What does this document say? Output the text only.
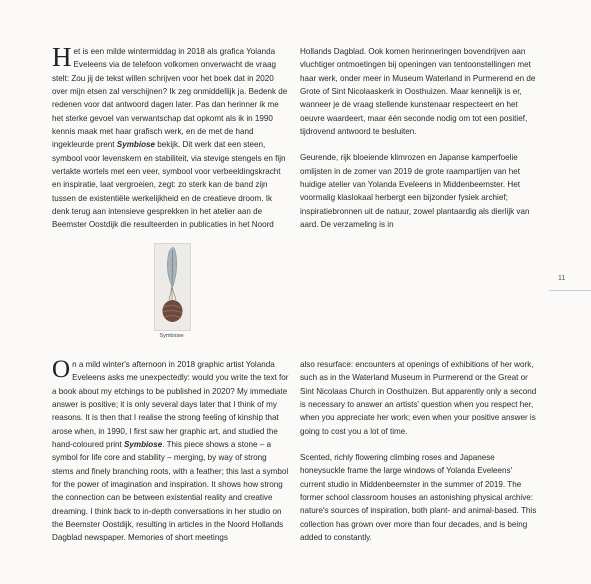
Het is een milde wintermiddag in 2018 als grafica Yolanda Eveleens via de telefoon volkomen onverwacht de vraag stelt: Zou jij de tekst willen schrijven voor het boek dat in 2020 over mijn etsen zal verschijnen? Ik zeg onmiddellijk ja. Bedenk de redenen voor dat antwoord dagen later. Pas dan herinner ik me het sterke gevoel van verwantschap dat opkomt als ik in 1990 kennis maak met haar grafisch werk, en de met de hand ingekleurde prent Symbiose bekijk. Dit werk dat een steen, symbool voor levenskern en stabiliteit, via stevige stengels en fijn vertakte wortels met een veer, symbool voor verbeeldingskracht en inspiratie, laat vergroeien, zegt: zo sterk kan de band zijn tussen de existentiële werkelijkheid en de creatieve droom. Ik denk terug aan intensieve gesprekken in het atelier aan de Beemster Oostdijk die resulteerden in publicaties in het Noord

Hollands Dagblad. Ook komen herinneringen bovendrijven aan vluchtiger ontmoetingen bij openingen van tentoonstellingen met haar werk, onder meer in Museum Waterland in Purmerend en de Grote of Sint Nicolaaskerk in Oosthuizen. Maar kennelijk is er, wanneer je de vraag stellende kunstenaar respecteert en het oeuvre waardeert, maar één seconde nodig om tot een positief, tijdrovend antwoord te besluiten.

Geurende, rijk bloeiende klimrozen en Japanse kamperfoelie omlijsten in de zomer van 2019 de grote raampartijen van het huidige atelier van Yolanda Eveleens in Middenbeemster. Het voormalig klaslokaal herbergt een bijzonder fysiek archief; inspiratiebronnen uit de natuur, zowel plantaardig als dierlijk van aard. De verzameling is in

11
Symbiose

On a mild winter's afternoon in 2018 graphic artist Yolanda Eveleens asks me unexpectedly: would you write the text for a book about my etchings to be published in 2020? My immediate answer is positive; it is only several days later that I think of my reasons. It is then that I realise the strong feeling of kinship that arose when, in 1990, I first saw her graphic art, and studied the hand-coloured print Symbiose. This piece shows a stone – a symbol for life core and stability – merging, by way of strong stems and finely branching roots, with a feather; this last a symbol for the power of imagination and inspiration. It shows how strong the connection can be between existential reality and creative dreaming. I think back to in-depth conversations in her studio on the Beemster Oostdijk, resulting in articles in the Noord Hollands Dagblad newspaper. Memories of short meetings

also resurface: encounters at openings of exhibitions of her work, such as in the Waterland Museum in Purmerend or the Great or Sint Nicolaas Church in Oosthuizen. But apparently only a second is necessary to answer an artists' question when you respect her, when you appreciate her work; even when your positive answer is going to cost you a lot of time.

Scented, richly flowering climbing roses and Japanese honeysuckle frame the large windows of Yolanda Eveleens' current studio in Middenbeemster in the summer of 2019. The former school classroom houses an astonishing physical archive: nature's sources of inspiration, both plant- and animal-based. This collection has grown over more than four decades, and is being added to constantly.
